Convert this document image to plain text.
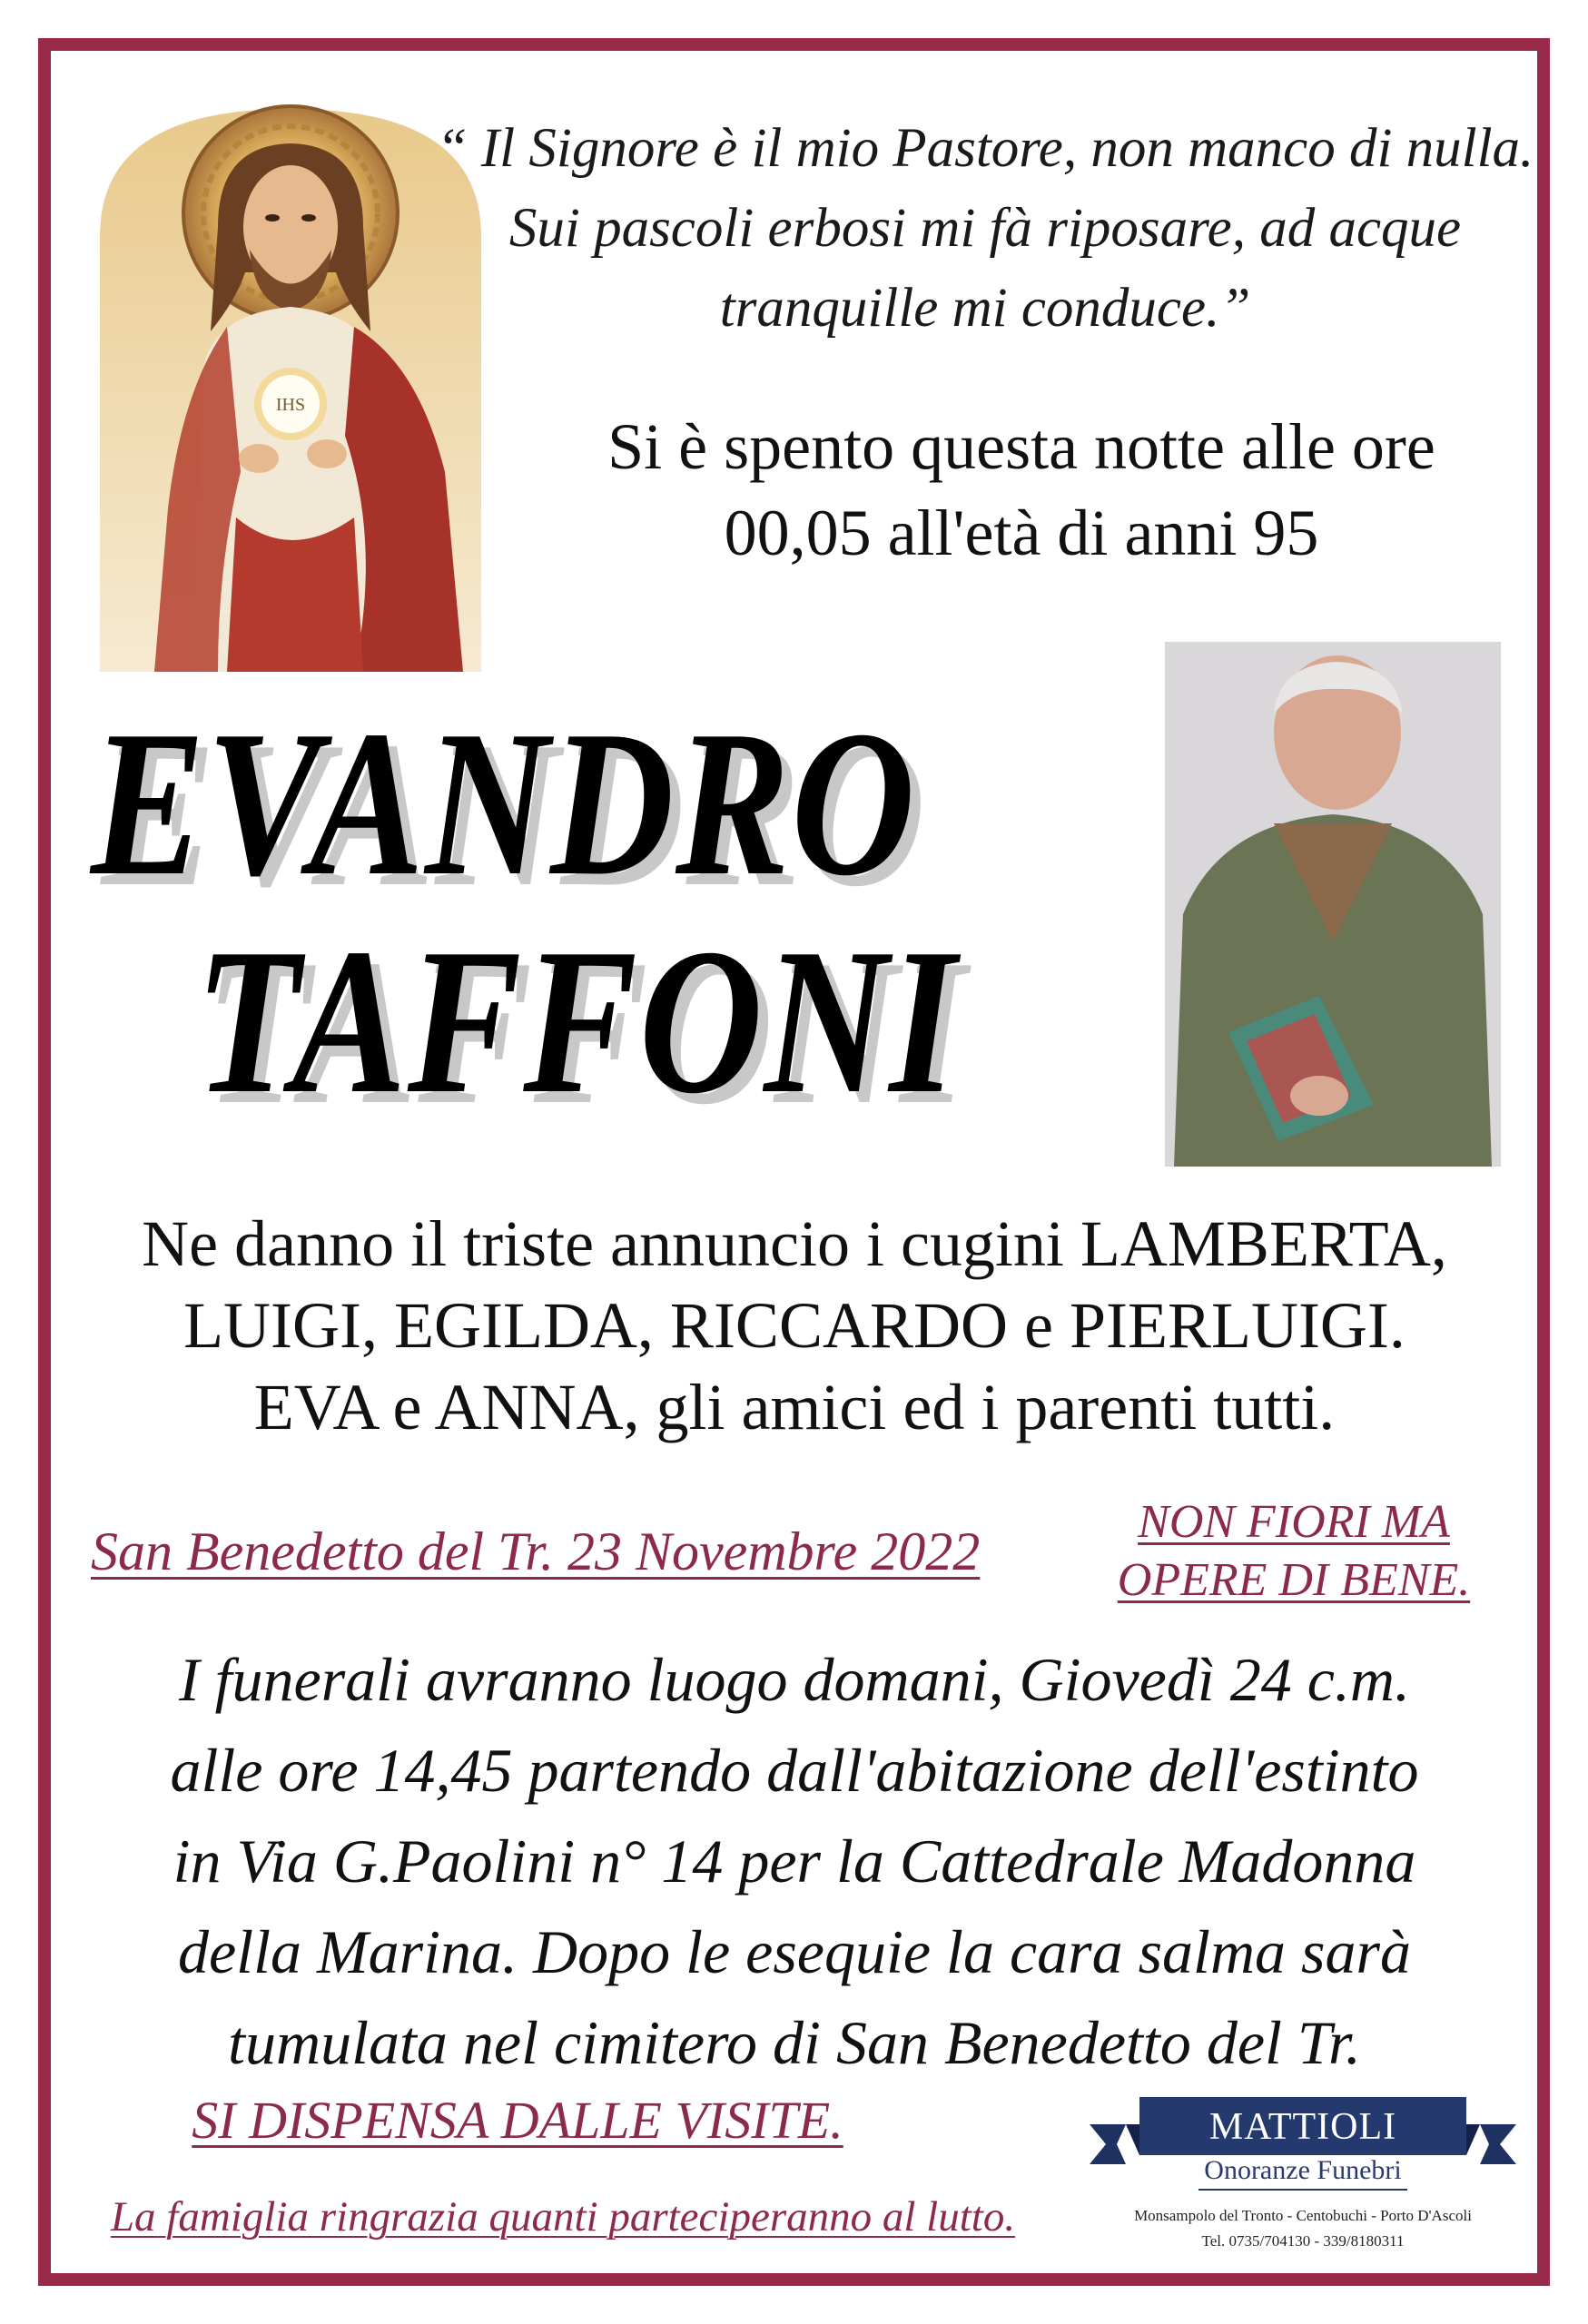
IHS
“ Il Signore è il mio Pastore, non manco di nulla. Sui pascoli erbosi mi fà riposare, ad acque tranquille mi conduce.”
Si è spento questa notte alle ore
00,05 all'età di anni 95
EVANDRO
TAFFONI
Ne danno il triste annuncio i cugini LAMBERTA,
LUIGI, EGILDA, RICCARDO e PIERLUIGI.
EVA e ANNA, gli amici ed i parenti tutti.
San Benedetto del Tr. 23 Novembre 2022	NON FIORI MA
OPERE DI BENE.
I funerali avranno luogo domani, Giovedì 24 c.m.
alle ore 14,45 partendo dall'abitazione dell'estinto
in Via G.Paolini n° 14 per la Cattedrale Madonna
della Marina. Dopo le esequie la cara salma sarà
tumulata nel cimitero di San Benedetto del Tr.
SI DISPENSA DALLE VISITE.
La famiglia ringrazia quanti parteciperanno al lutto.
MATTIOLI
Onoranze Funebri
Monsampolo del Tronto - Centobuchi - Porto D'Ascoli
Tel. 0735/704130 - 339/8180311
